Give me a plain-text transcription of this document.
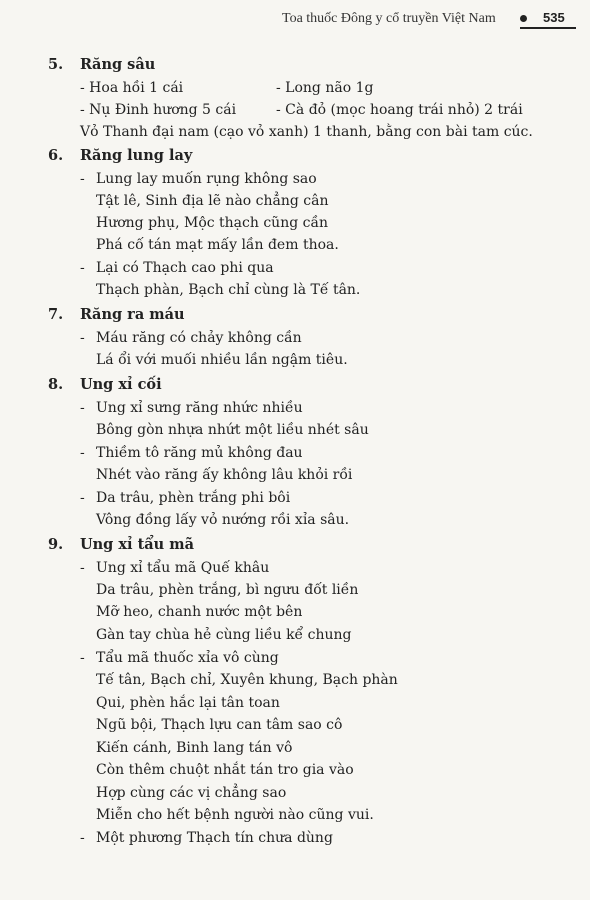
Toa thuốc Đông y cổ truyền Việt Nam	535
5. Răng sâu
- Hoa hồi 1 cái	- Long não 1g
- Nụ Đinh hương 5 cái	- Cà đỏ (mọc hoang trái nhỏ) 2 trái
Vỏ Thanh đại nam (cạo vỏ xanh) 1 thanh, bằng con bài tam cúc.
6. Răng lung lay
- Lung lay muốn rụng không sao
Tật lê, Sinh địa lẽ nào chẳng cân
Hương phụ, Mộc thạch cũng cần
Phá cố tán mạt mấy lần đem thoa.
- Lại có Thạch cao phi qua
Thạch phàn, Bạch chỉ cùng là Tế tân.
7. Răng ra máu
- Máu răng có chảy không cần
Lá ổi với muối nhiều lần ngậm tiêu.
8. Ung xỉ cối
- Ung xỉ sưng răng nhức nhiều
Bông gòn nhựa nhứt một liều nhét sâu
- Thiềm tô răng mủ không đau
Nhét vào răng ấy không lâu khỏi rồi
- Da trâu, phèn trắng phi bôi
Vông đồng lấy vỏ nướng rồi xỉa sâu.
9. Ung xỉ tẩu mã
- Ung xỉ tẩu mã Quế khâu
Da trâu, phèn trắng, bì ngưu đốt liền
Mỡ heo, chanh nước một bên
Gàn tay chùa hẻ cùng liều kể chung
- Tẩu mã thuốc xỉa vô cùng
Tế tân, Bạch chỉ, Xuyên khung, Bạch phàn
Qui, phèn hắc lại tân toan
Ngũ bội, Thạch lựu can tâm sao cô
Kiến cánh, Binh lang tán vô
Còn thêm chuột nhắt tán tro gia vào
Hợp cùng các vị chẳng sao
Miễn cho hết bệnh người nào cũng vui.
- Một phương Thạch tín chưa dùng
